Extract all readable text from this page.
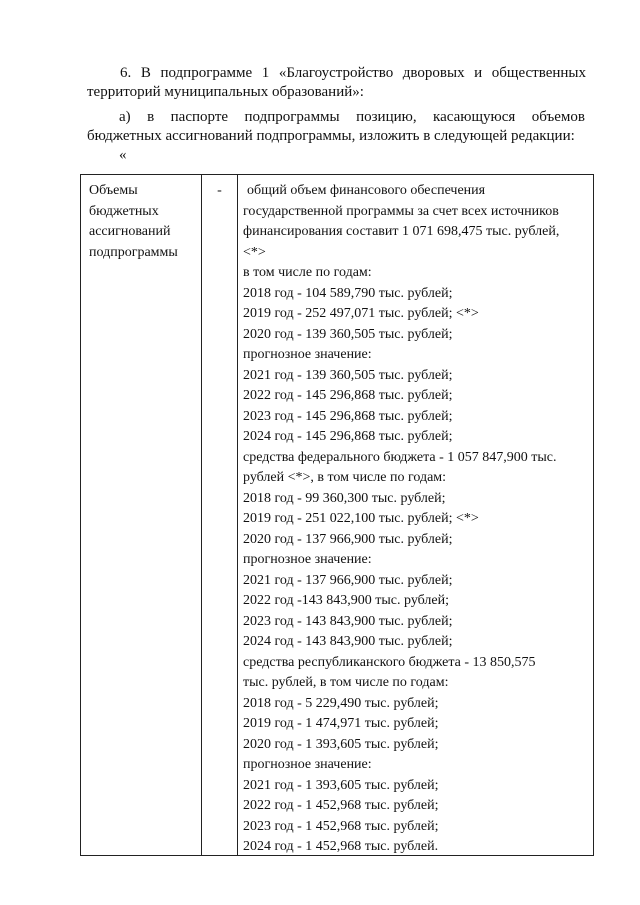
6. В подпрограмме 1 «Благоустройство дворовых и общественных
территорий муниципальных образований»:
а) в паспорте подпрограммы позицию, касающуюся объемов
бюджетных ассигнований подпрограммы, изложить в следующей редакции:
«
Объемы
бюджетных
ассигнований
подпрограммы
-	общий объем финансового обеспечения
государственной программы за счет всех источников
финансирования составит 1 071 698,475 тыс. рублей,
<*>
в том числе по годам:
2018 год - 104 589,790 тыс. рублей;
2019 год - 252 497,071 тыс. рублей; <*>
2020 год - 139 360,505 тыс. рублей;
прогнозное значение:
2021 год - 139 360,505 тыс. рублей;
2022 год - 145 296,868 тыс. рублей;
2023 год - 145 296,868 тыс. рублей;
2024 год - 145 296,868 тыс. рублей;
средства федерального бюджета - 1 057 847,900 тыс.
рублей <*>, в том числе по годам:
2018 год - 99 360,300 тыс. рублей;
2019 год - 251 022,100 тыс. рублей; <*>
2020 год - 137 966,900 тыс. рублей;
прогнозное значение:
2021 год - 137 966,900 тыс. рублей;
2022 год -143 843,900 тыс. рублей;
2023 год - 143 843,900 тыс. рублей;
2024 год - 143 843,900 тыс. рублей;
средства республиканского бюджета - 13 850,575
тыс. рублей, в том числе по годам:
2018 год - 5 229,490 тыс. рублей;
2019 год - 1 474,971 тыс. рублей;
2020 год - 1 393,605 тыс. рублей;
прогнозное значение:
2021 год - 1 393,605 тыс. рублей;
2022 год - 1 452,968 тыс. рублей;
2023 год - 1 452,968 тыс. рублей;
2024 год - 1 452,968 тыс. рублей.
